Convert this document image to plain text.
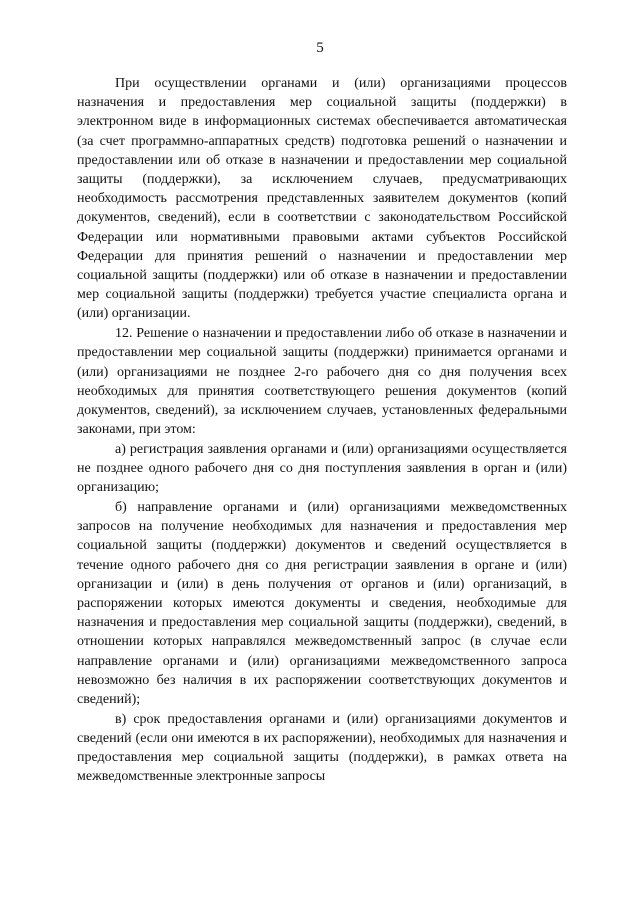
5

При осуществлении органами и (или) организациями процессов назначения и предоставления мер социальной защиты (поддержки) в электронном виде в информационных системах обеспечивается автоматическая (за счет программно-аппаратных средств) подготовка решений о назначении и предоставлении или об отказе в назначении и предоставлении мер социальной защиты (поддержки), за исключением случаев, предусматривающих необходимость рассмотрения представленных заявителем документов (копий документов, сведений), если в соответствии с законодательством Российской Федерации или нормативными правовыми актами субъектов Российской Федерации для принятия решений о назначении и предоставлении мер социальной защиты (поддержки) или об отказе в назначении и предоставлении мер социальной защиты (поддержки) требуется участие специалиста органа и (или) организации.

12. Решение о назначении и предоставлении либо об отказе в назначении и предоставлении мер социальной защиты (поддержки) принимается органами и (или) организациями не позднее 2-го рабочего дня со дня получения всех необходимых для принятия соответствующего решения документов (копий документов, сведений), за исключением случаев, установленных федеральными законами, при этом:

а) регистрация заявления органами и (или) организациями осуществляется не позднее одного рабочего дня со дня поступления заявления в орган и (или) организацию;

б) направление органами и (или) организациями межведомственных запросов на получение необходимых для назначения и предоставления мер социальной защиты (поддержки) документов и сведений осуществляется в течение одного рабочего дня со дня регистрации заявления в органе и (или) организации и (или) в день получения от органов и (или) организаций, в распоряжении которых имеются документы и сведения, необходимые для назначения и предоставления мер социальной защиты (поддержки), сведений, в отношении которых направлялся межведомственный запрос (в случае если направление органами и (или) организациями межведомственного запроса невозможно без наличия в их распоряжении соответствующих документов и сведений);

в) срок предоставления органами и (или) организациями документов и сведений (если они имеются в их распоряжении), необходимых для назначения и предоставления мер социальной защиты (поддержки), в рамках ответа на межведомственные электронные запросы
